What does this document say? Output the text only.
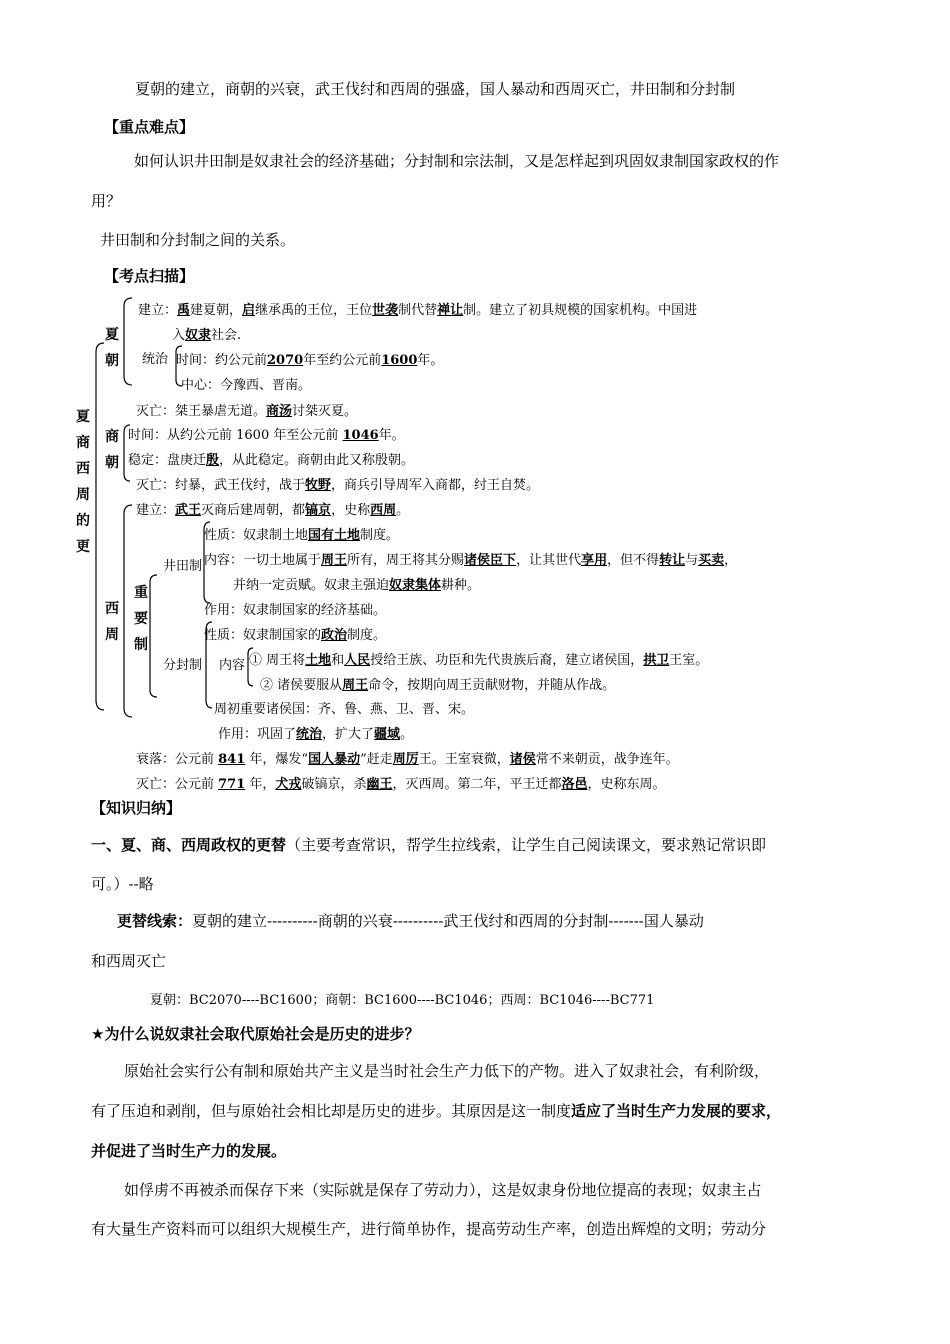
夏朝的建立，商朝的兴衰，武王伐纣和西周的强盛，国人暴动和西周灭亡，井田制和分封制
【重点难点】
如何认识井田制是奴隶社会的经济基础；分封制和宗法制，又是怎样起到巩固奴隶制国家政权的作
用？
井田制和分封制之间的关系。
【考点扫描】
夏
商
西
周
的
更
夏
朝
商
朝
西
周
重
要
制
建立：禹建夏朝，启继承禹的王位，王位世袭制代替禅让制。建立了初具规模的国家机构。中国进
入奴隶社会.
统治 时间：约公元前2070年至约公元前1600年。
中心：今豫西、晋南。
灭亡：桀王暴虐无道。商汤讨桀灭夏。
时间：从约公元前 1600 年至公元前 1046年。
稳定：盘庚迁殷，从此稳定。商朝由此又称殷朝。
灭亡：纣暴，武王伐纣，战于牧野，商兵引导周军入商都，纣王自焚。
建立：武王灭商后建周朝，都镐京，史称西周。
性质：奴隶制土地国有土地制度。
井田制 内容：一切土地属于周王所有，周王将其分赐诸侯臣下，让其世代享用，但不得转让与买卖，
并纳一定贡赋。奴隶主强迫奴隶集体耕种。
作用：奴隶制国家的经济基础。
性质：奴隶制国家的政治制度。
分封制 内容 ① 周王将土地和人民授给王族、功臣和先代贵族后裔，建立诸侯国，拱卫王室。
② 诸侯要服从周王命令，按期向周王贡献财物，并随从作战。
周初重要诸侯国：齐、鲁、燕、卫、晋、宋。
作用：巩固了统治，扩大了疆域。
衰落：公元前 841 年，爆发“国人暴动”赶走周厉王。王室衰微，诸侯常不来朝贡，战争连年。
灭亡：公元前 771 年，犬戎破镐京，杀幽王，灭西周。第二年，平王迁都洛邑，史称东周。
【知识归纳】
一、夏、商、西周政权的更替（主要考查常识，帮学生拉线索，让学生自己阅读课文，要求熟记常识即
可。）--略
更替线索：夏朝的建立----------商朝的兴衰----------武王伐纣和西周的分封制-------国人暴动
和西周灭亡
夏朝：BC2070----BC1600；商朝：BC1600----BC1046；西周：BC1046----BC771
★为什么说奴隶社会取代原始社会是历史的进步？
原始社会实行公有制和原始共产主义是当时社会生产力低下的产物。进入了奴隶社会，有利阶级，
有了压迫和剥削，但与原始社会相比却是历史的进步。其原因是这一制度适应了当时生产力发展的要求，
并促进了当时生产力的发展。
如俘虏不再被杀而保存下来（实际就是保存了劳动力），这是奴隶身份地位提高的表现；奴隶主占
有大量生产资料而可以组织大规模生产，进行简单协作，提高劳动生产率，创造出辉煌的文明；劳动分
